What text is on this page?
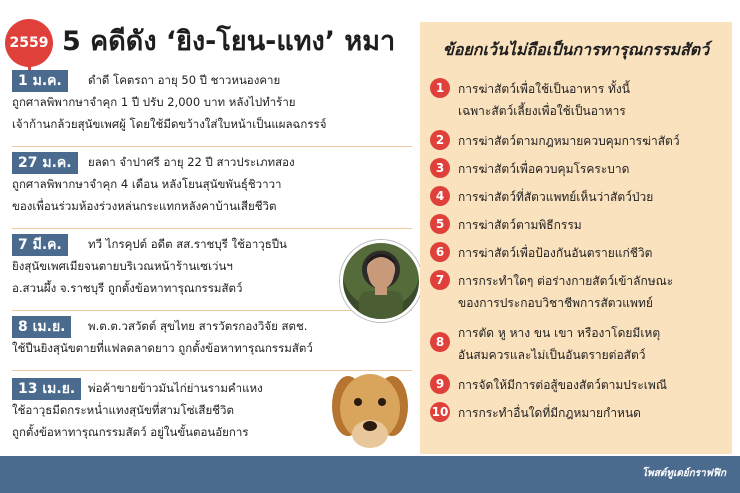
2559 5 คดีดัง ‘ยิง-โยน-แทง’ หมา
1 ม.ค.	ดำดี โคตรถา อายุ 50 ปี ชาวหนองคาย
ถูกศาลพิพากษาจำคุก 1 ปี ปรับ 2,000 บาท หลังไปทำร้าย
เจ้าก้านกล้วยสุนัขเพศผู้ โดยใช้มีดขว้างใส่ใบหน้าเป็นแผลฉกรรจ์
27 ม.ค.	ยลดา จำปาศรี อายุ 22 ปี สาวประเภทสอง
ถูกศาลพิพากษาจำคุก 4 เดือน หลังโยนสุนัขพันธุ์ชิวาวา
ของเพื่อนร่วมห้องร่วงหล่นกระแทกหลังคาบ้านเสียชีวิต
7 มี.ค.	ทวี ไกรคุปต์ อดีต สส.ราชบุรี ใช้อาวุธปืน
ยิงสุนัขเพศเมียจนตายบริเวณหน้าร้านเซเว่นฯ
อ.สวนผึ้ง จ.ราชบุรี ถูกตั้งข้อหาทารุณกรรมสัตว์
8 เม.ย.	พ.ต.ต.วสวัตต์ สุขไทย สารวัตรกองวิจัย สตช.
ใช้ปืนยิงสุนัขตายที่แฟลตลาดยาว ถูกตั้งข้อหาทารุณกรรมสัตว์
13 เม.ย.	พ่อค้าขายข้าวมันไก่ย่านรามคำแหง
ใช้อาวุธมีดกระหน่ำแทงสุนัขที่สามโซ่เสียชีวิต
ถูกตั้งข้อหาทารุณกรรมสัตว์ อยู่ในขั้นตอนอัยการ
ข้อยกเว้นไม่ถือเป็นการทารุณกรรมสัตว์
1	การฆ่าสัตว์เพื่อใช้เป็นอาหาร ทั้งนี้
เฉพาะสัตว์เลี้ยงเพื่อใช้เป็นอาหาร
2	การฆ่าสัตว์ตามกฎหมายควบคุมการฆ่าสัตว์
3	การฆ่าสัตว์เพื่อควบคุมโรคระบาด
4	การฆ่าสัตว์ที่สัตวแพทย์เห็นว่าสัตว์ป่วย
5	การฆ่าสัตว์ตามพิธีกรรม
6	การฆ่าสัตว์เพื่อป้องกันอันตรายแก่ชีวิต
7	การกระทำใดๆ ต่อร่างกายสัตว์เข้าลักษณะ
ของการประกอบวิชาชีพการสัตวแพทย์
8
การตัด หู หาง ขน เขา หรืองาโดยมีเหตุ
อันสมควรและไม่เป็นอันตรายต่อสัตว์
9	การจัดให้มีการต่อสู้ของสัตว์ตามประเพณี
10 การกระทำอื่นใดที่มีกฎหมายกำหนด
โพสต์ทูเดย์กราฟฟิก
